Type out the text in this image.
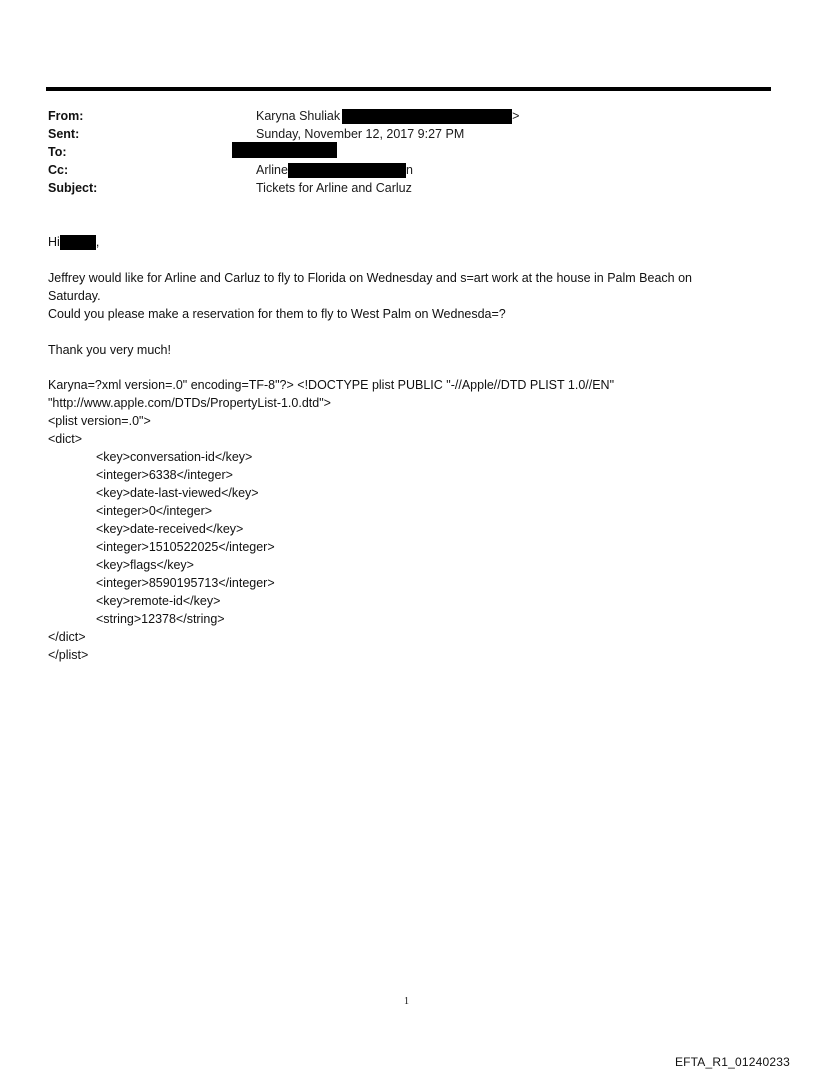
From:	Karyna Shuliak	>
Sent:	Sunday, November 12, 2017 9:27 PM
To:
Cc:	Arline	n
Subject:	Tickets for Arline and Carluz
Hi	,
Jeffrey would like for Arline and Carluz to fly to Florida on Wednesday and s=art work at the house in Palm Beach on
Saturday.
Could you please make a reservation for them to fly to West Palm on Wednesda=?
Thank you very much!
Karyna=?xml version=.0" encoding=TF-8"?> <!DOCTYPE plist PUBLIC "-//Apple//DTD PLIST 1.0//EN"
"http://www.apple.com/DTDs/PropertyList-1.0.dtd">
<plist version=.0">
<dict>
<key>conversation-id</key>
<integer>6338</integer>
<key>date-last-viewed</key>
<integer>0</integer>
<key>date-received</key>
<integer>1510522025</integer>
<key>flags</key>
<integer>8590195713</integer>
<key>remote-id</key>
<string>12378</string>
</dict>
</plist>
1
EFTA_R1_01240233
